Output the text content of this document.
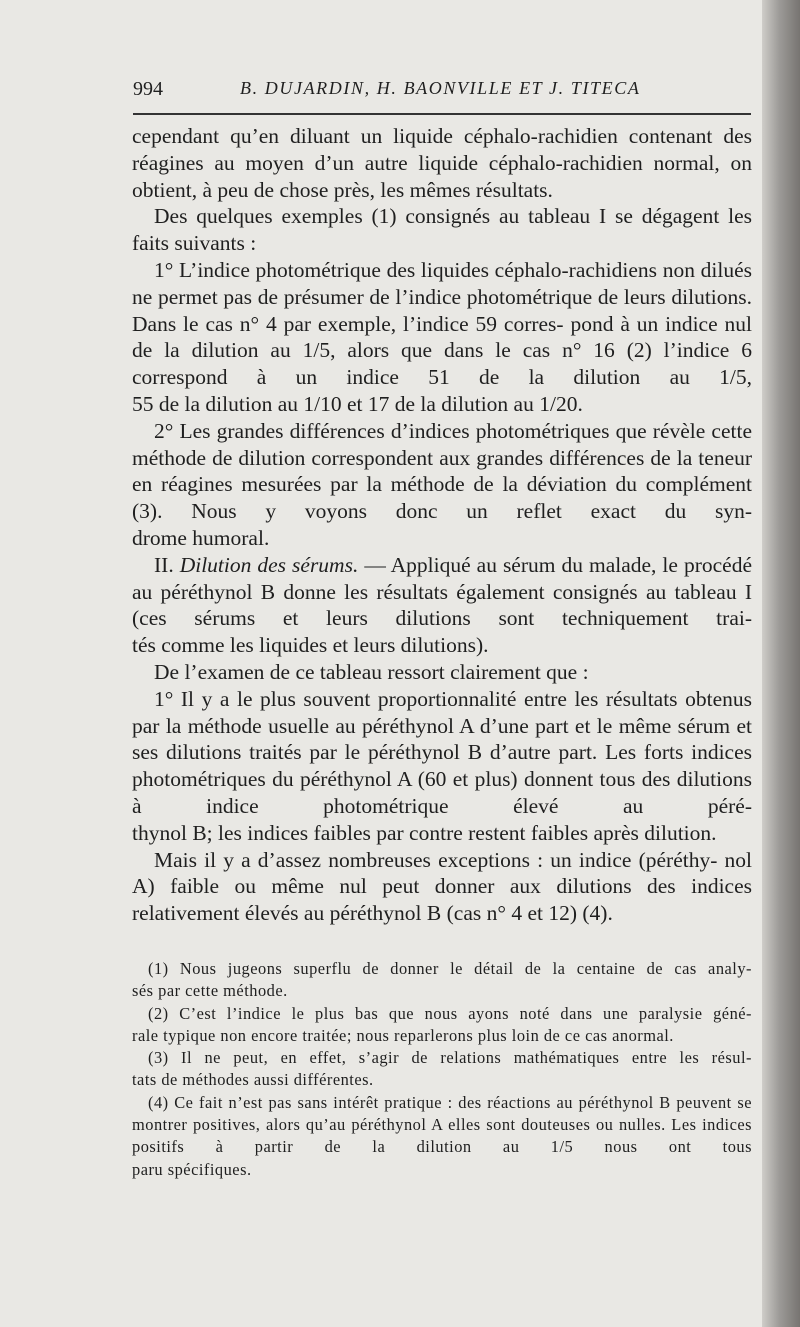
994	B. DUJARDIN, H. BAONVILLE ET J. TITECA

cependant qu’en diluant un liquide céphalo-rachidien contenant des réagines au moyen d’un autre liquide céphalo-rachidien normal, on

obtient, à peu de chose près, les mêmes résultats.

Des quelques exemples (1) consignés au tableau I se dégagent les

faits suivants :

1° L’indice photométrique des liquides céphalo-rachidiens non dilués ne permet pas de présumer de l’indice photométrique de leurs dilutions. Dans le cas n° 4 par exemple, l’indice 59 corres- pond à un indice nul de la dilution au 1/5, alors que dans le cas n° 16 (2) l’indice 6 correspond à un indice 51 de la dilution au 1/5,

55 de la dilution au 1/10 et 17 de la dilution au 1/20.

2° Les grandes différences d’indices photométriques que révèle cette méthode de dilution correspondent aux grandes différences de la teneur en réagines mesurées par la méthode de la déviation du complément (3). Nous y voyons donc un reflet exact du syn-

drome humoral.

II. Dilution des sérums. — Appliqué au sérum du malade, le procédé au péréthynol B donne les résultats également consignés au tableau I (ces sérums et leurs dilutions sont techniquement trai-

tés comme les liquides et leurs dilutions).

De l’examen de ce tableau ressort clairement que :

1° Il y a le plus souvent proportionnalité entre les résultats obtenus par la méthode usuelle au péréthynol A d’une part et le même sérum et ses dilutions traités par le péréthynol B d’autre part. Les forts indices photométriques du péréthynol A (60 et plus) donnent tous des dilutions à indice photométrique élevé au péré-

thynol B; les indices faibles par contre restent faibles après dilution.

Mais il y a d’assez nombreuses exceptions : un indice (péréthy- nol A) faible ou même nul peut donner aux dilutions des indices

relativement élevés au péréthynol B (cas n° 4 et 12) (4).

(1) Nous jugeons superflu de donner le détail de la centaine de cas analy-

sés par cette méthode.

(2) C’est l’indice le plus bas que nous ayons noté dans une paralysie géné-

rale typique non encore traitée; nous reparlerons plus loin de ce cas anormal.

(3) Il ne peut, en effet, s’agir de relations mathématiques entre les résul-

tats de méthodes aussi différentes.

(4) Ce fait n’est pas sans intérêt pratique : des réactions au péréthynol B peuvent se montrer positives, alors qu’au péréthynol A elles sont douteuses ou nulles. Les indices positifs à partir de la dilution au 1/5 nous ont tous

paru spécifiques.
